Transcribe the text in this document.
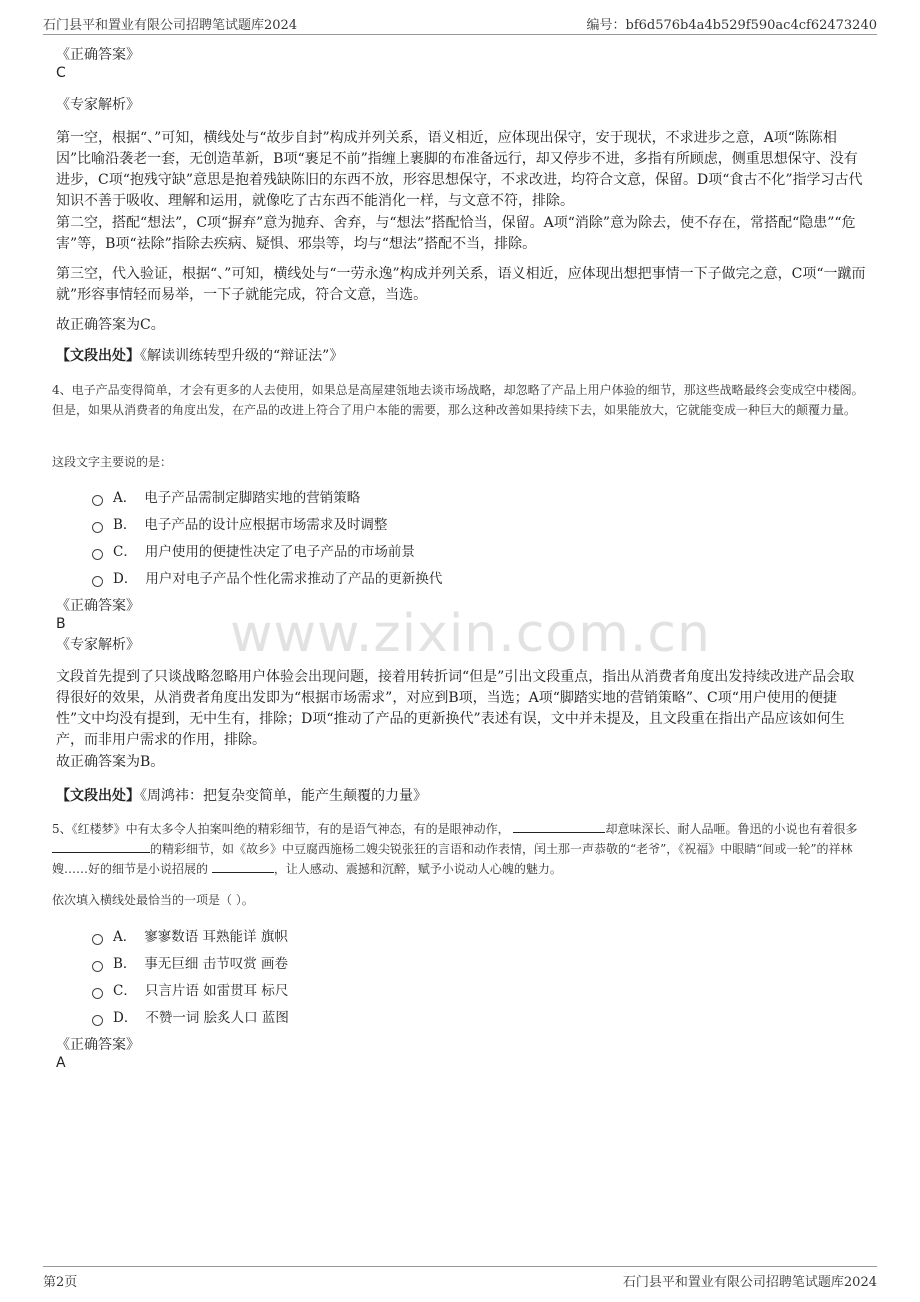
石门县平和置业有限公司招聘笔试题库2024	编号：bf6d576b4a4b529f590ac4cf62473240
www.zixin.com.cn
《正确答案》
C
《专家解析》
第一空，根据“、”可知，横线处与“故步自封”构成并列关系，语义相近，应体现出保守，安于现状，不求进步之意，A项“陈陈相因”比喻沿袭老一套，无创造革新，B项“裹足不前”指缠上裹脚的布准备远行，却又停步不进，多指有所顾虑，侧重思想保守、没有进步，C项“抱残守缺”意思是抱着残缺陈旧的东西不放，形容思想保守，不求改进，均符合文意，保留。D项“食古不化”指学习古代知识不善于吸收、理解和运用，就像吃了古东西不能消化一样，与文意不符，排除。
第二空，搭配“想法”，C项“摒弃”意为抛弃、舍弃，与“想法”搭配恰当，保留。A项“消除”意为除去，使不存在，常搭配“隐患”“危害”等，B项“祛除”指除去疾病、疑惧、邪祟等，均与“想法”搭配不当，排除。
第三空，代入验证，根据“、”可知，横线处与“一劳永逸”构成并列关系，语义相近，应体现出想把事情一下子做完之意，C项“一蹴而就”形容事情轻而易举，一下子就能完成，符合文意，当选。
故正确答案为C。
【文段出处】《解读训练转型升级的“辩证法”》
4、电子产品变得简单，才会有更多的人去使用，如果总是高屋建瓴地去谈市场战略，却忽略了产品上用户体验的细节，那这些战略最终会变成空中楼阁。但是，如果从消费者的角度出发，在产品的改进上符合了用户本能的需要，那么这种改善如果持续下去，如果能放大，它就能变成一种巨大的颠覆力量。
这段文字主要说的是：
A． 电子产品需制定脚踏实地的营销策略
B． 电子产品的设计应根据市场需求及时调整
C． 用户使用的便捷性决定了电子产品的市场前景
D． 用户对电子产品个性化需求推动了产品的更新换代
《正确答案》
B
《专家解析》
文段首先提到了只谈战略忽略用户体验会出现问题，接着用转折词“但是”引出文段重点，指出从消费者角度出发持续改进产品会取得很好的效果，从消费者角度出发即为“根据市场需求”，对应到B项，当选；A项“脚踏实地的营销策略”、C项“用户使用的便捷性”文中均没有提到，无中生有，排除；D项“推动了产品的更新换代”表述有误，文中并未提及，且文段重在指出产品应该如何生产，而非用户需求的作用，排除。
故正确答案为B。
【文段出处】《周鸿祎：把复杂变简单，能产生颠覆的力量》
5、《红楼梦》中有太多令人拍案叫绝的精彩细节，有的是语气神态，有的是眼神动作，	却意味深长、耐人品咂。鲁迅的小说也有着很多的精彩细节，如《故乡》中豆腐西施杨二嫂尖锐张狂的言语和动作表情，闰土那一声恭敬的“老爷”，《祝福》中眼睛“间或一轮”的祥林嫂……好的细节是小说招展的	，让人感动、震撼和沉醉，赋予小说动人心魄的魅力。
依次填入横线处最恰当的一项是（ ）。
A． 寥寥数语 耳熟能详 旗帜
B． 事无巨细 击节叹赏 画卷
C． 只言片语 如雷贯耳 标尺
D． 不赞一词 脍炙人口 蓝图
《正确答案》
A
第2页	石门县平和置业有限公司招聘笔试题库2024
